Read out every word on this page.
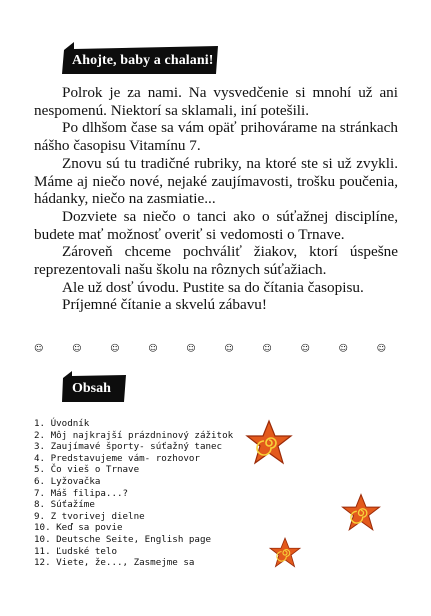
Ahojte, baby a chalani!

Polrok je za nami. Na vysvedčenie si mnohí už ani nespomenú. Niektorí sa sklamali, iní potešili.

Po dlhšom čase sa vám opäť prihovárame na stránkach nášho časopisu Vitamínu 7.

Znovu sú tu tradičné rubriky, na ktoré ste si už zvykli. Máme aj niečo nové, nejaké zaujímavosti, trošku poučenia, hádanky, niečo na zasmiatie...

Dozviete sa niečo o tanci ako o súťažnej disciplíne, budete mať možnosť overiť si vedomosti o Trnave.

Zároveň chceme pochváliť žiakov, ktorí úspešne reprezentovali našu školu na rôznych súťažiach.

Ale už dosť úvodu. Pustite sa do čítania časopisu.

Príjemné čítanie a skvelú zábavu!

☺	☺	☺	☺	☺	☺	☺	☺	☺	☺
Obsah
1. Úvodník
2. Môj najkrajší prázdninový zážitok
3. Zaujímavé športy- súťažný tanec
4. Predstavujeme vám- rozhovor
5. Čo vieš o Trnave
6. Lyžovačka
7. Máš filipa...?
8. Súťažíme
9. Z tvorivej dielne
10. Keď sa povie
10. Deutsche Seite, English page
11. Ľudské telo
12. Viete, že..., Zasmejme sa
